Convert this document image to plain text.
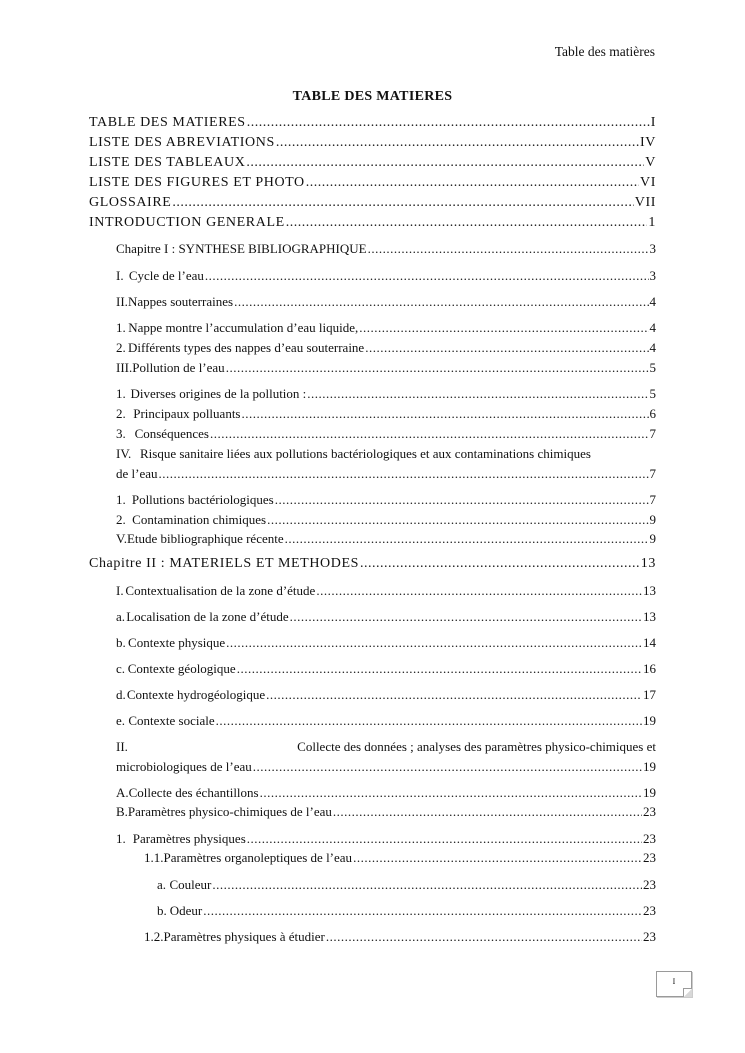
Table des matières
TABLE DES MATIERES
TABLE DES MATIERES .....	I
LISTE DES ABREVIATIONS .....	IV
LISTE DES TABLEAUX .....	V
LISTE DES FIGURES ET PHOTO .....	VI
GLOSSAIRE .....	VII
INTRODUCTION GENERALE .....	1
Chapitre I : SYNTHESE BIBLIOGRAPHIQUE .....	3
I. Cycle de l’eau .....	3
II. Nappes souterraines .....	4
1. Nappe montre l’accumulation d’eau liquide, .....	4
2. Différents types des nappes d’eau souterraine .....	4
III. Pollution de l’eau .....	5
1. Diverses origines de la pollution : .....	5
2. Principaux polluants .....	6
3. Conséquences .....	7
IV. Risque sanitaire liées aux pollutions bactériologiques et aux contaminations chimiques
de l’eau .....	7
1. Pollutions bactériologiques .....	7
2. Contamination chimiques .....	9
V. Etude bibliographique récente .....	9
Chapitre II : MATERIELS ET METHODES .....	13
I. Contextualisation de la zone d’étude .....	13
a. Localisation de la zone d’étude .....	13
b. Contexte physique .....	14
c. Contexte géologique .....	16
d. Contexte hydrogéologique .....	17
e. Contexte sociale .....	19
II.	Collecte des données ; analyses des paramètres physico-chimiques et
microbiologiques de l’eau .....	19
A. Collecte des échantillons .....	19
B. Paramètres physico-chimiques de l’eau .....	23
1. Paramètres physiques .....	23
1.1. Paramètres organoleptiques de l’eau .....	23
a. Couleur .....	23
b. Odeur .....	23
1.2. Paramètres physiques à étudier .....	23
I
